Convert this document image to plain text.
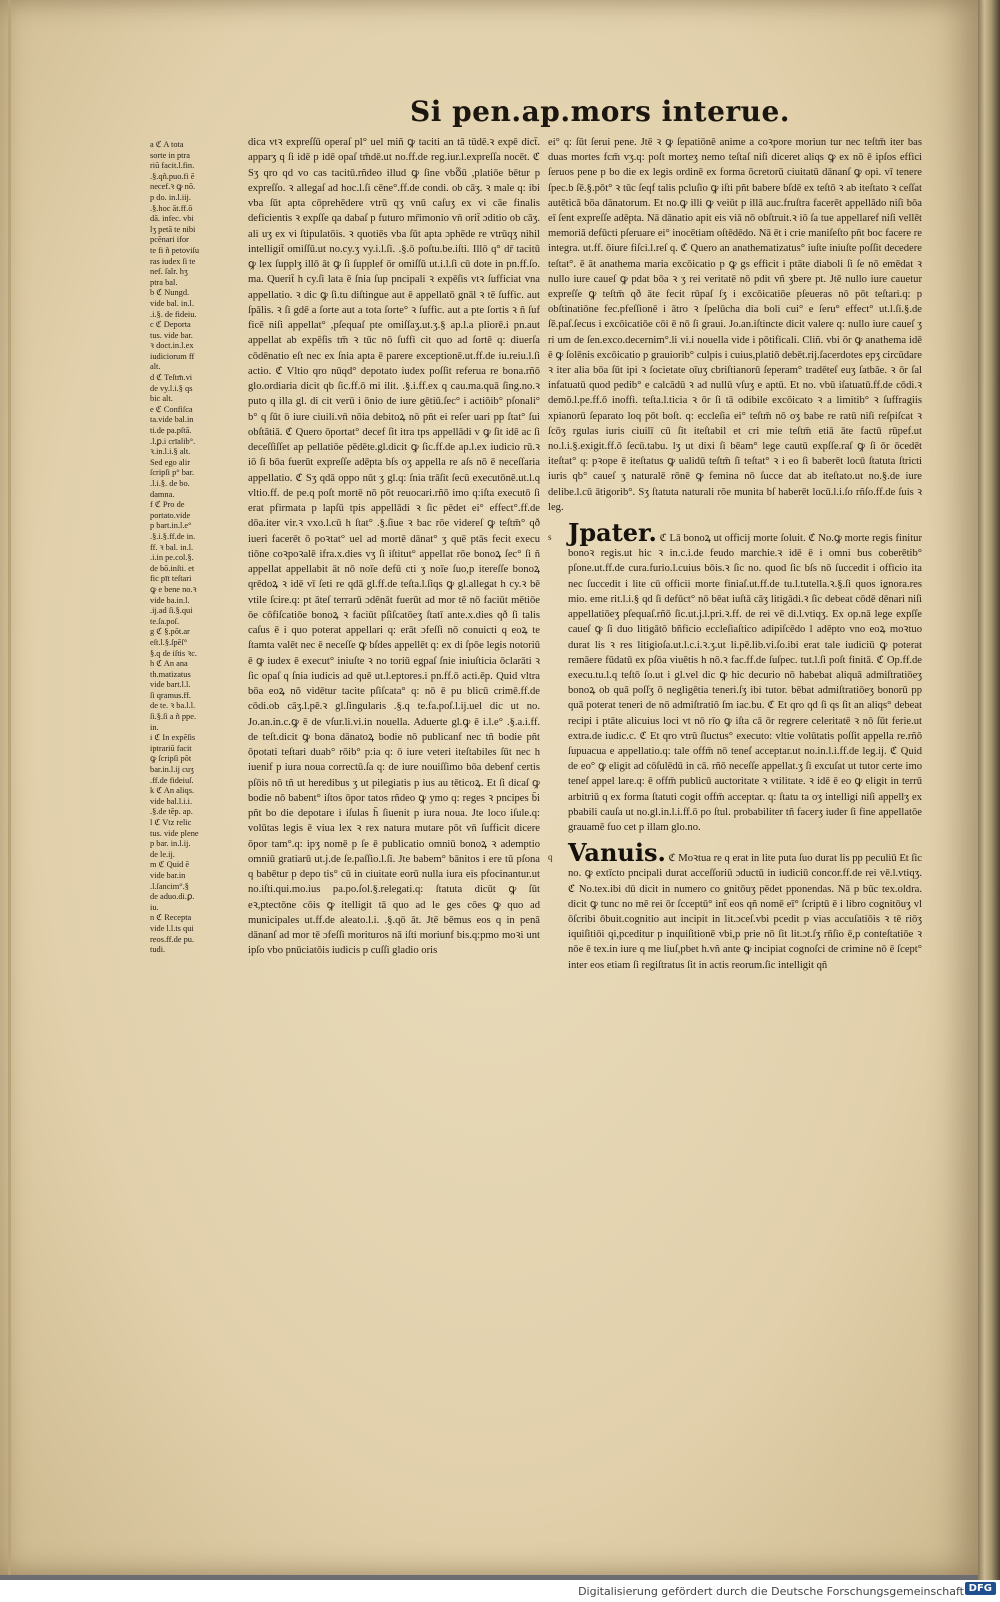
Si pen.ap.mors interue.

a ℭ A tota
sorte in ptra
riū facit.l.fin.
.§.qñ.puo.fi ē
necef.ꝛ ꝙ nō.
p do. in.l.iij.
.§.hoc āt.ff.ō
dā. infec. vbi
lʒ petā te nibi
pcēnari ifor
te fi ñ petoviſu
ras iudex ſi te
nef. ſalr. hʒ
ptra bal.

b ℭ Nungd.
vide bal. in.l.
.i.§. de fideiu.

c ℭ Deporta
tus. vide bar.
ꝛ doct.in.l.ex
iudiciorum ff
alt.

d ℭ Teſtm̄.vi
de vy.l.i.§ qs
bic alt.

e ℭ Confiſca
ta.vide bal.in
ti.de pa.pſtā.
.l.ꝑ.i crīalib°.
ꝛ.in.l.i.§ alt.
Sed ego alir
ſcripſi p° bar.
.l.i.§. de bo.
damna.

f ℭ Pro de
portato.vide
p bart.in.l.e°
.§.i.§.ff.de in.
ff. ꝛ bal. in.l.
.i.in pe.col.§.
de bō.inſti. et
fic pīt teſtari
ꝙ e bene no.ꝛ
vide ba.in.l.
.ij.ad ſi.§.qui
te.ſa.poſ.

g ℭ §.pōt.ar
eſt.l.§.ſpēſ°
§.q de iſtis ꝛc.

h ℭ An ana
th.matizatus
vide bart.l.l.
ſi qramus.ff.
de te. ꝛ ba.l.l.
ſi.§.ſi a ñ ppe.
in.

i ℭ In expēſis
iptrariū facit
ꝙ ſcripſi pōt
bar.in.l.ij cuʒ
.ff.de fideiuſ.

k ℭ An aliqs.
vide bal.l.i.i.
.§.de tēp. ap.

l ℭ Vtz relic
tus. vide plene
p bar. in.l.ij.
de le.ij.

m ℭ Quid ē
vide bar.in
.l.ſancim°.§
de aduo.di.ꝑ.
iu.

n ℭ Recepta
vide l.l.ts qui
reos.ff.de pu.
tudi.

dica vtꝛ expreſſū operaſ pl° uel miñ ꝙ taciti an tā tūdē.ꝛ expē dict̄. apparʒ q ſi idē p idē opaſ tm̄dē.ut no.ff.de reg.iur.l.expreſſa nocēt. ℭ Sʒ qro qd vo cas tacitū.rñdeo illud ꝙ ſine vbo᷑ū ,platiōe bētur p expreſſo. ꝛ allegaſ ad hoc.l.ſi cēne°.ff.de condi. ob cāʒ. ꝛ male q: ibi vba ſūt apta cōprehēdere vtrū qʒ vnū caſuʒ ex vi cāe finalis deficientis ꝛ expſſe qa dabaſ p futuro mr̄imonio vn̄ orit̄ ɔditio ob cāʒ. ali uʒ ex vi ſtipulatōis. ꝛ quotiēs vba ſūt apta ɔphēde re vtrūqʒ nihil intelligit̄ omiſſū.ut no.cy.ʒ vy.i.l.ſi. .§.ō poſtu.be.iſti. Illō q° dr̄ tacitū ꝙ lex ſupplʒ illō āt ꝙ ſi ſupplef ōr omiſſū ut.i.l.ſi cū dote in pn.ff.ſo. ma. Querit̄ h cy.ſi lata ē ſnia ſup pncipali ꝛ expēſis vtꝛ ſufficiat vna appellatio. ꝛ dic ꝙ ſi.tu diſtingue aut ē appellatō gnāl ꝛ tē ſuffic. aut ſpālis. ꝛ ſi gdē a ſorte aut a tota ſorte° ꝛ ſuffic. aut a pte ſortis ꝛ ñ ſuf ficē niſi appellat° ,pſequaſ pte omiſſaʒ.ut.ʒ.§ ap.l.a pliorē.i pn.aut appellat ab expēſis tm̄ ꝛ tūc nō ſuffi cit quo ad ſortē q: diuerſa cōdēnatio eſt nec ex ſnia apta ē parere exceptionē.ut.ff.de iu.reiu.l.ſi actio. ℭ Vltio qro nūqd° depotato iudex poſſit referua re bona.rñō glo.ordiaria dicit qb ſic.ff.ō mi ilit. .§.i.ff.ex q cau.ma.quā ſing.no.ꝛ puto q illa gl. di cit verū i ōnio de iure gētiū.ſec° i actiōib° pſonali° b° q ſūt ō iure ciuili.vn̄ nōia debitoꝝ nō pñt ei reſer uari pp ſtat° ſui obſtātiā. ℭ Quero ōportat° decef ſit itra tps appellādi v ꝙ ſit idē ac ſi deceſſiſſet ap pellatiōe pēdēte.gl.dicit ꝙ ſic.ff.de ap.l.ex iudicio rū.ꝛ iō ſi bōa fuerūt expreſſe adēpta bſs oʒ appella re aſs nō ē neceſſaria appellatio. ℭ Sʒ qdā oppo nūt ʒ gl.q: ſnia trāſit ſecū executōnē.ut.l.q vltio.ff. de pe.q poſt mortē nō pōt reuocari.rñō imo q:iſta executō ſi erat pfirmata p lapſū tpis appellādi ꝛ ſic pēdet ei° effect°.ff.de dōa.iter vir.ꝛ vxo.l.cū h ſtat° .§.ſiue ꝛ bac rōe videreſ ꝙ teſtm̄° qð iueri facerēt ō poꝛtat° uel ad mortē dānat° ʒ quē ptās fecit execu tiōne coꝛpoꝛalē ifra.x.dies vʒ ſi iſtitut° appellat rōe bonoꝝ ſec° ſi ñ appellat appellabit āt nō noīe defū cti ʒ noīe ſuo,p itereſſe bonoꝝ qrēdoꝝ ꝛ idē vī ſeti re qdā gl.ff.de teſta.l.ſiqs ꝙ gl.allegat h cy.ꝛ bē vtile ſcire.q: pt āteſ terrarū ɔdēnāt fuerūt ad mor tē nō faciūt mētiōe ōe cōfiſcatiōe bonoꝝ ꝛ faciūt pſiſcatōeʒ ſtatī ante.x.dies qð ſi talis caſus ē i quo poterat appellari q: erāt ɔfeſſi nō conuicti q eoꝝ te ſtamta valēt nec ē neceſſe ꝙ bſdes appellēt q: ex di ſpōe legis notoriū ē ꝙ iudex ē execut° iniuſte ꝛ no toriū egpaſ ſnie iniuſticia ōclarāti ꝛ ſic opaſ q ſnia iudicis ad quē ut.l.eptores.i pn.ff.ō acti.ēp. Quid vltra bōa eoꝝ nō vidētur tacite pſiſcata° q: nō ē pu blicū crimē.ff.de cōdi.ob cāʒ.l.pē.ꝛ gl.ſingularis .§.q te.fa.poſ.l.ij.uel dic ut no. Jo.an.in.c.ꝙ ē de vſur.li.vi.in nouella. Aduerte gl.ꝙ ē i.l.e° .§.a.i.ff. de teſt.dicit ꝙ bona dānatoꝝ bodie nō publicanf nec tñ bodie pñt ōpotati teſtari duab° rōib° p:ia q: ō iure veteri iteſtabiles ſūt nec h iuenif p iura noua correctū.ſa q: de iure nouiſſimo bōa debenf certis pſōis nō tñ ut heredibus ʒ ut pilegiatis p ius au tēticoꝝ. Et ſi dicaſ ꝙ bodie nō babent° iſtos ōpor tatos rñdeo ꝙ ymo q: reges ꝛ pncipes b̄i pñt bo die depotare i iſulas h̄ ſiuenit p iura noua. Jte loco iſule.q: volūtas legis ē viua lex ꝛ rex natura mutare pōt vn̄ ſufficit dicere ōpor tam°.q: ipʒ nomē p ſe ē publicatio omniū bonoꝝ ꝛ ademptio omniū gratiarū ut.j.de ſe.paſſio.l.ſi. Jte babem° bānitos i ere tū pſona q babētur p depo tis° cū in ciuitate eorū nulla iura eis pfocinantur.ut no.iſti.qui.mo.ius pa.po.ſol.§.relegati.q: ſtatuta dicūt ꝙ ſūt eꝛ,ptectōne cōis ꝙ itelligit tā quo ad le ges cōes ꝙ quo ad municipales ut.ff.de aleato.l.i. .§.qō āt. Jtē bēmus eos q in penā dānanſ ad mor tē ɔfeſſi morituros nā iſti moriunf bis.q:pmo moꝛi unt ipſo vbo pnūciatōis iudicis p cuſſi gladio oris

ei° q: ſūt ſerui pene. Jtē ꝛ ꝙ ſepatiōnē anime a coꝛpore moriun tur nec teſtm̄ iter bas duas mortes fcm̄ vʒ.q: poſt morteʒ nemo teſtaſ niſi diceret aliqs ꝙ ex nō ē ipſos effici ſeruos pene p bo die ex legis ordinē ex forma ōcretorū ciuitatū dānanſ ꝙ opi. vī tenere ſpec.b ſē.§.pōt° ꝛ tūc ſeqf talis pcluſio ꝙ iſti pñt babere bſdē ex teſtō ꝛ ab iteſtato ꝛ ceſſat autēticā bōa dānatorum. Et no.ꝙ illi ꝙ veiūt p illā auc.fruſtra facerēt appellādo niſi bōa eī ſent expreſſe adēpta. Nā dānatio apit eis viā nō obſtruit.ꝛ iō ſa tue appellaref niſi vellēt memoriā defūcti pſeruare ei° inocētiam oſtēdēdo. Nā ēt i crie maniſeſto pñt boc facere re integra. ut.ff. ōiure fiſci.l.reſ q. ℭ Quero an anathematizatus° iuſte iniuſte poſſit decedere teſtat°. ē āt anathema maria excōicatio p ꝙ gs efficit i ptāte diaboli ſi ſe nō emēdat ꝛ nullo iure caueſ ꝙ pdat bōa ꝛ ʒ rei veritatē nō pdit vñ ʒbere pt. Jtē nullo iure cauetur expreſſe ꝙ teſtm̄ qð āte fecit rūpaſ ſʒ i excōicatiōe pſeueras nō pōt teſtari.q: p obſtinatiōne fec.pfeſſionē i ātro ꝛ ſpelūcha dia boli cui° e ſeru° effect° ut.l.ſi.§.de ſē.paſ.ſecus i excōicatiōe cōi ē nō ſi graui. Jo.an.iſtincte dicit valere q: nullo iure caueſ ʒ ri um de ſen.exco.decernim°.li vi.i nouella vide i pōtificali. Cliñ. vbi ōr ꝙ anathema idē ē ꝙ ſolēnis excōicatio p grauiorib° culpis i cuius,platiō debēt.rij.ſacerdotes epʒ circūdare ꝛ iter alia bōa ſūt ipi ꝛ ſocietate oīuʒ cbriſtianorū ſeperam° tradēteſ euʒ ſatbāe. ꝛ ōr ſal infatuatū quod pedib° e calcādū ꝛ ad nullū vſuʒ e aptū. Et no. vbū iſatuatū.ff.de cōdi.ꝛ demō.l.pe.ff.ō inoffi. teſta.l.ticia ꝛ ōr ſi tā odibile excōicato ꝛ a limitib° ꝛ ſuffragiis xpianorū ſeparato loq pōt boſt. q: eccleſia ei° teſtm̄ nō oʒ babe re ratū niſi reſpiſcat ꝛ ſcōʒ rgulas iuris ciuilī cū ſit iteſtabil et cri mie teſtm̄ etiā āte factū rūpef.ut no.l.i.§.exigit.ff.ō ſecū.tabu. lʒ ut dixi ſi bēam° lege cautū expſſe.raſ ꝙ ſi ōr ōcedēt iteſtat° q: pꝛope ē iteſtatus ꝙ ualidū teſtm̄ ſi teſtat° ꝛ i eo ſi baberēt locū ſtatuta ſtricti iuris qb° caueſ ʒ naturalē rōnē ꝙ femina nō ſucce dat ab iteſtato.ut no.§.de iure delibe.l.cū ātigorib°. Sʒ ſtatuta naturali rōe munita bſ haberēt locū.l.i.ſo rñſo.ff.de ſuis ꝛ leg.

s Jpater. ℭ Lā bonoꝝ ut officij morte ſoluit. ℭ No.ꝙ morte regis finitur bonoꝛ regis.ut hic ꝛ in.c.i.de feudo marchie.ꝛ idē ē i omni bus coberētib° pſone.ut.ff.de cura.furio.l.cuius bōis.ꝛ ſic no. quod ſic bſs nō ſuccedit i officio ita nec ſuccedit i lite cū officii morte finiaſ.ut.ff.de tu.l.tutella.ꝛ.§.ſi quos ignora.res mio. eme rit.l.i.§ qd ſi defūct° nō bēat iuſtā cāʒ litigādi.ꝛ ſic debeat cōdē dēnari niſi appellatiōeʒ pſequaſ.rñō ſic.ut.j.l.pri.ꝛ.ff. de rei vē di.l.vtiqʒ. Ex op.nā lege expſſe caueſ ꝙ ſi duo litigātō bñficio eccleſiaſtico adipiſcēdo l adēpto vno eoꝝ moꝛtuo durat lis ꝛ res litigioſa.ut.l.c.i.ꝛ.ʒ.ut li.pē.lib.vi.ſo.ibi erat tale iudiciū ꝙ poterat remāere fūdatū ex pſōa viuētis h nō.ꝛ fac.ff.de ſuſpec. tut.l.ſi poſt finitā. ℭ Op.ff.de execu.tu.l.q teſtō ſo.ut i gl.vel dic ꝙ hic decurio nō habebat aliquā admiſtratiōeʒ bonoꝝ ob quā poſſʒ ō negligētia teneri.ſʒ ibi tutor. bēbat admiſtratiōeʒ bonorū pp quā poterat teneri de nō admiſtratiō ſm iac.bu. ℭ Et qro qd ſi qs ſit an aliqs° debeat recipi i ptāte alicuius loci vt nō rīo ꝙ iſta cā ōr regrere celeritatē ꝛ nō ſūt ferie.ut extra.de iudic.c. ℭ Et qro vtrū ſluctus° executo: vltie volūtatis poſſit appella re.rñō ſupuacua e appellatio.q: tale offm̄ nō teneſ acceptar.ut no.in.l.i.ff.de leg.ij. ℭ Quid de eo° ꝙ eligit ad cōſulēdū in cā. rñō neceſſe appellat.ʒ ſi excuſat ut tutor certe imo teneſ appel lare.q: ē offm̄ publicū auctoritate ꝛ vtilitate. ꝛ idē ē eo ꝙ eligit in terrū arbitriū q ex forma ſtatuti cogit offm̄ acceptar. q: ſtatu ta oʒ intelligi niſi appellʒ ex pbabili cauſa ut no.gl.in.l.i.ff.ō po ſtul. probabiliter tñ facerʒ iuder ſi fine appellatōe grauamē fuo cet p illam glo.no.
q Vanuis. ℭ Moꝛtua re q erat in lite puta ſuo durat lis pp peculiū Et ſic no. ꝙ extīcto pncipali durat acceſſoriū ɔductū in iudiciū concor.ff.de rei vē.l.vtiqʒ. ℭ No.tex.ibi dū dicit in numero co gnitōuʒ pēdet pponendas. Nā p būc tex.oldra. dicit ꝙ tunc no mē rei ōr ſcceptū° int̄ eos qñ nomē eī° ſcriptū ē i libro cognitōuʒ vl ōſcribi ōbuit.cognitio aut incipit in lit.ɔceſ.vbi pcedit p vias accuſatiōis ꝛ tē riōʒ iquiſitiōi qi,pceditur p inquiſitionē vbi,p prie nō ſit lit.ɔt.ſʒ rñſio ē,p conteſtatiōe ꝛ nōe ē tex.in iure q me liuſ,pbet h.vñ ante ꝙ incipiat cognoſci de crimine nō ē ſcept° inter eos etiam ſi regiſtratus ſit in actis reorum.ſic intelligit qñ
Digitalisierung gefördert durch die Deutsche Forschungsgemeinschaft DFG
